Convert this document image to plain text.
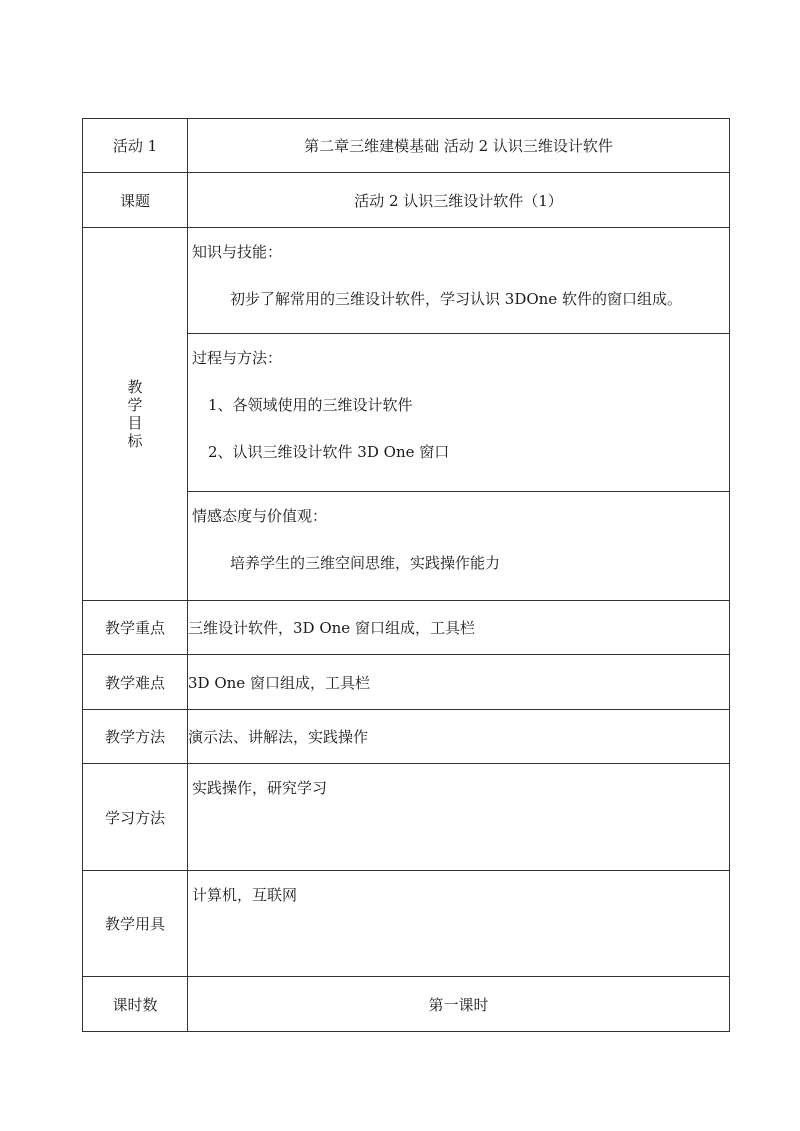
活动 1	第二章三维建模基础 活动 2 认识三维设计软件
课题	活动 2 认识三维设计软件（1）
教学目标	知识与技能：
初步了解常用的三维设计软件，学习认识 3DOne 软件的窗口组成。

	过程与方法：
1、各领域使用的三维设计软件
2、认识三维设计软件 3D One 窗口

	情感态度与价值观：
培养学生的三维空间思维，实践操作能力

教学重点	三维设计软件，3D One 窗口组成，工具栏
教学难点	3D One 窗口组成，工具栏
教学方法	演示法、讲解法，实践操作
学习方法	实践操作，研究学习

教学用具	计算机，互联网

课时数	第一课时
